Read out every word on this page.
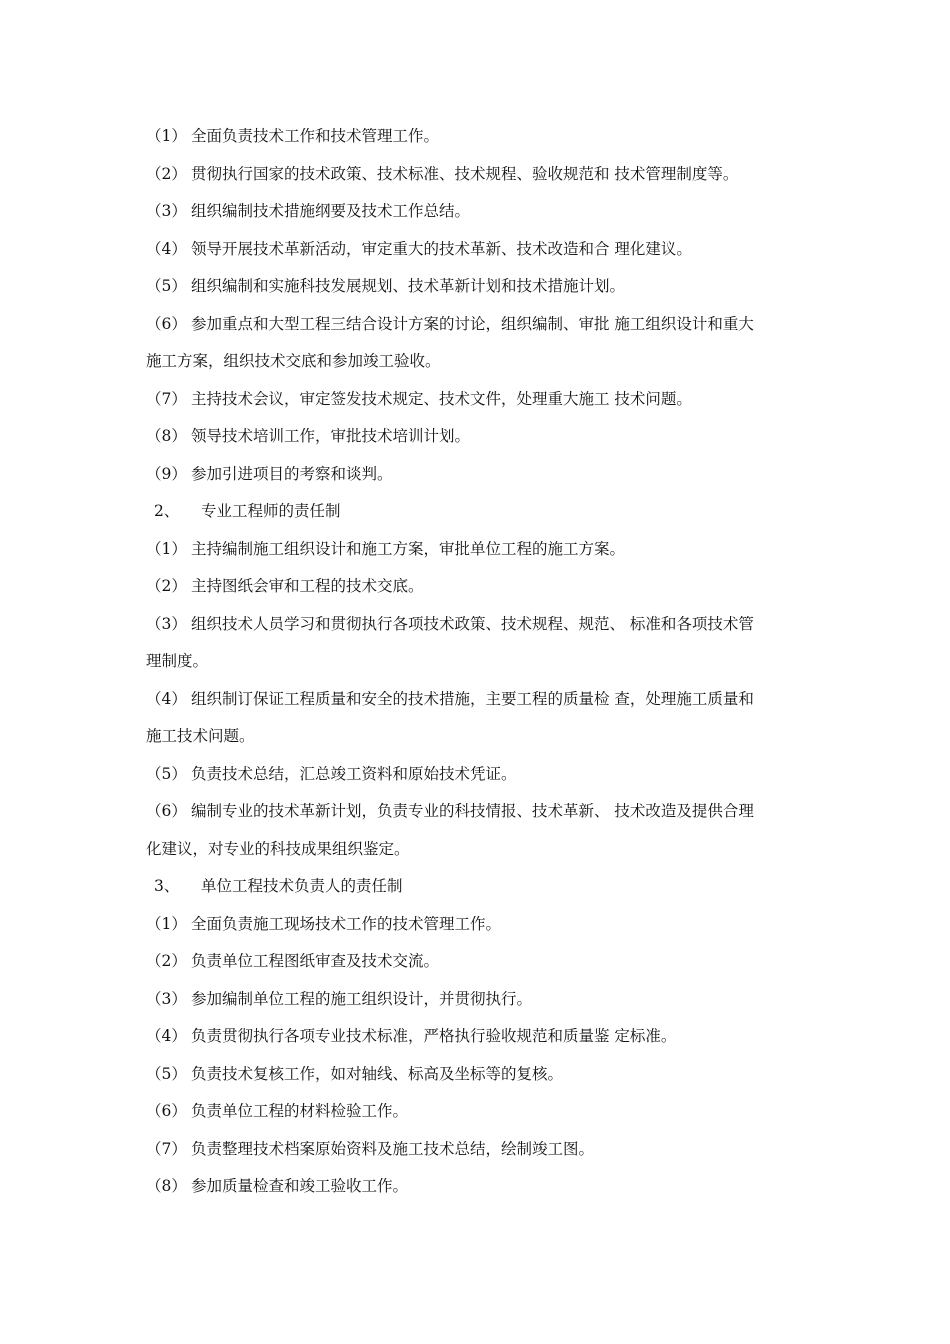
（1） 全面负责技术工作和技术管理工作。
（2） 贯彻执行国家的技术政策、技术标准、技术规程、验收规范和 技术管理制度等。
（3） 组织编制技术措施纲要及技术工作总结。
（4） 领导开展技术革新活动，审定重大的技术革新、技术改造和合 理化建议。
（5） 组织编制和实施科技发展规划、技术革新计划和技术措施计划。
（6） 参加重点和大型工程三结合设计方案的讨论，组织编制、审批 施工组织设计和重大
施工方案，组织技术交底和参加竣工验收。
（7） 主持技术会议，审定签发技术规定、技术文件，处理重大施工 技术问题。
（8） 领导技术培训工作，审批技术培训计划。
（9） 参加引进项目的考察和谈判。
2、 专业工程师的责任制
（1） 主持编制施工组织设计和施工方案，审批单位工程的施工方案。
（2） 主持图纸会审和工程的技术交底。
（3） 组织技术人员学习和贯彻执行各项技术政策、技术规程、规范、 标准和各项技术管
理制度。
（4） 组织制订保证工程质量和安全的技术措施，主要工程的质量检 查，处理施工质量和
施工技术问题。
（5） 负责技术总结，汇总竣工资料和原始技术凭证。
（6） 编制专业的技术革新计划，负责专业的科技情报、技术革新、 技术改造及提供合理
化建议，对专业的科技成果组织鉴定。
3、 单位工程技术负责人的责任制
（1） 全面负责施工现场技术工作的技术管理工作。
（2） 负责单位工程图纸审查及技术交流。
（3） 参加编制单位工程的施工组织设计，并贯彻执行。
（4） 负责贯彻执行各项专业技术标准，严格执行验收规范和质量鉴 定标准。
（5） 负责技术复核工作，如对轴线、标高及坐标等的复核。
（6） 负责单位工程的材料检验工作。
（7） 负责整理技术档案原始资料及施工技术总结，绘制竣工图。
（8） 参加质量检查和竣工验收工作。
